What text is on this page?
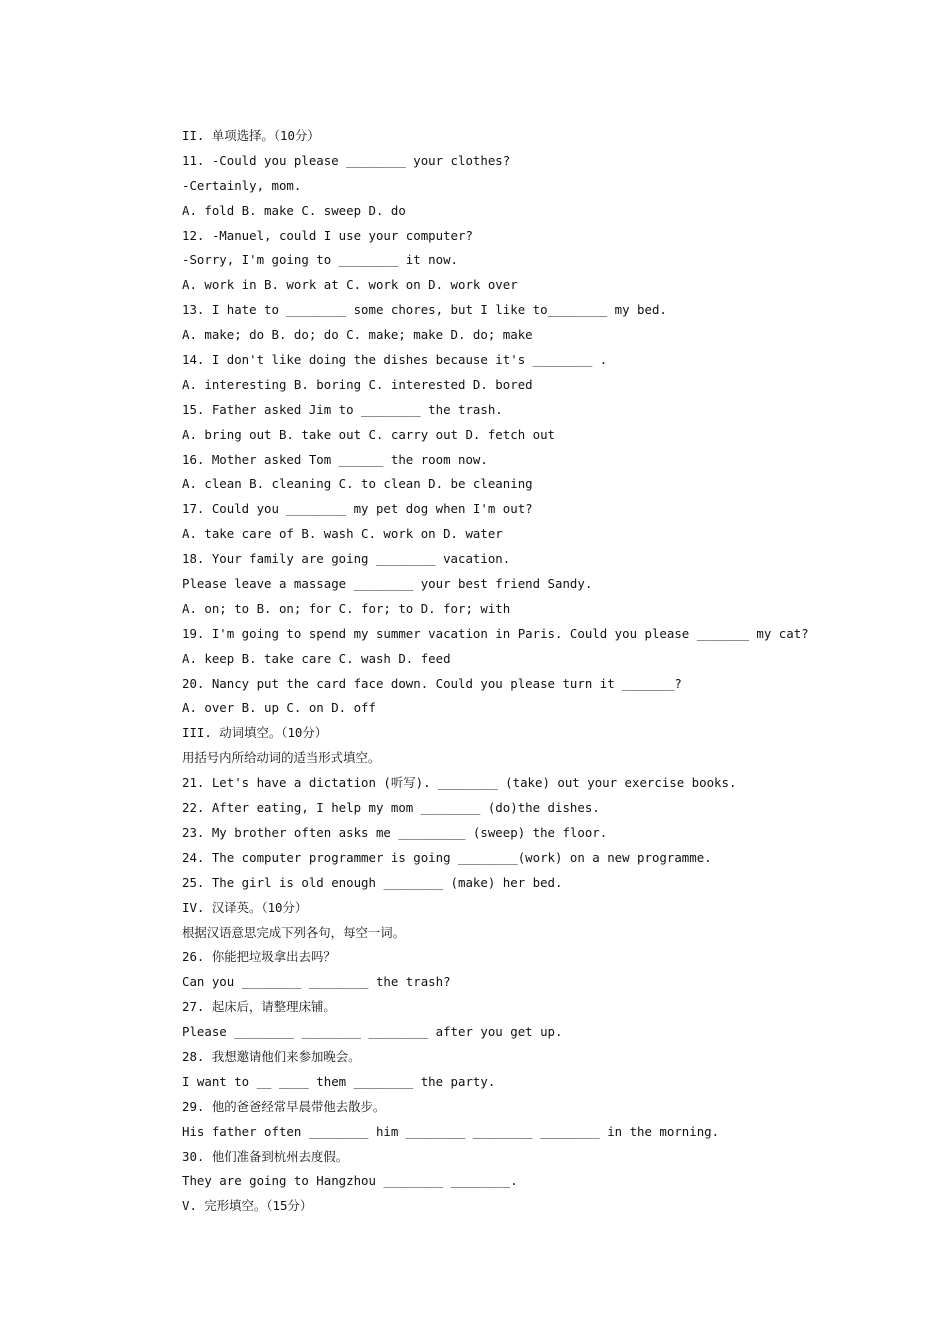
II. 单项选择。（10分）
11. -Could you please ________ your clothes?
-Certainly, mom.
A. fold B. make C. sweep D. do
12. -Manuel, could I use your computer?
-Sorry, I'm going to ________ it now.
A. work in B. work at C. work on D. work over
13. I hate to ________ some chores, but I like to________ my bed.
A. make; do B. do; do C. make; make D. do; make
14. I don't like doing the dishes because it's ________ .
A. interesting B. boring C. interested D. bored
15. Father asked Jim to ________ the trash.
A. bring out B. take out C. carry out D. fetch out
16. Mother asked Tom ______ the room now.
A. clean B. cleaning C. to clean D. be cleaning
17. Could you ________ my pet dog when I'm out?
A. take care of B. wash C. work on D. water
18. Your family are going ________ vacation.
Please leave a massage ________ your best friend Sandy.
A. on; to B. on; for C. for; to D. for; with
19. I'm going to spend my summer vacation in Paris. Could you please _______ my cat?
A. keep B. take care C. wash D. feed
20. Nancy put the card face down. Could you please turn it _______?
A. over B. up C. on D. off
III. 动词填空。（10分）
用括号内所给动词的适当形式填空。
21. Let's have a dictation (听写). ________ (take) out your exercise books.
22. After eating, I help my mom ________ (do)the dishes.
23. My brother often asks me _________ (sweep) the floor.
24. The computer programmer is going ________(work) on a new programme.
25. The girl is old enough ________ (make) her bed.
IV. 汉译英。（10分）
根据汉语意思完成下列各句，每空一词。
26. 你能把垃圾拿出去吗？
Can you ________ ________ the trash?
27. 起床后，请整理床铺。
Please ________ ________ ________ after you get up.
28. 我想邀请他们来参加晚会。
I want to __ ____ them ________ the party.
29. 他的爸爸经常早晨带他去散步。
His father often ________ him ________ ________ ________ in the morning.
30. 他们准备到杭州去度假。
They are going to Hangzhou ________ ________.
V. 完形填空。（15分）
